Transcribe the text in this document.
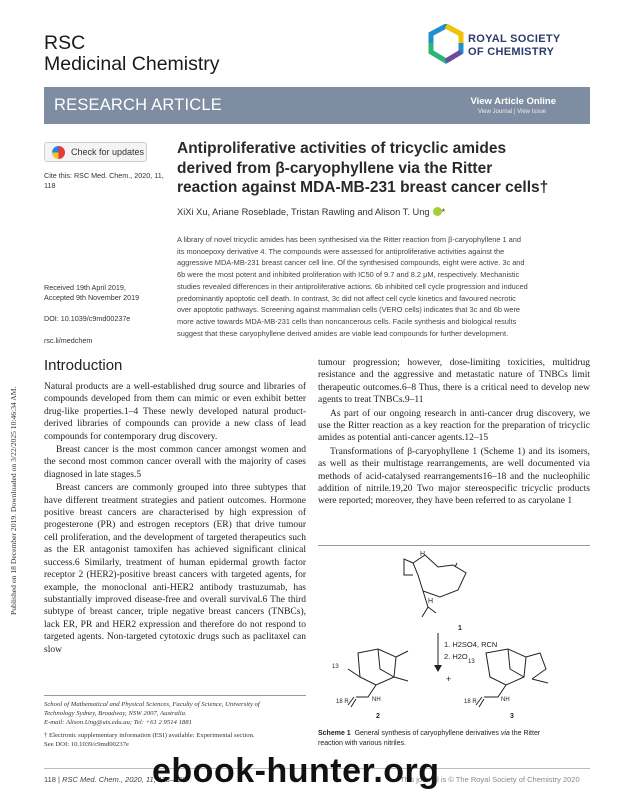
Published on 18 December 2019. Downloaded on 3/22/2025 10:46:34 AM.
RSC
Medicinal Chemistry
ROYAL SOCIETY
OF CHEMISTRY
RESEARCH ARTICLE	View Article Online
View Journal | View Issue
Check for updates
Cite this: RSC Med. Chem., 2020, 11,
118
Received 19th April 2019,
Accepted 9th November 2019
DOI: 10.1039/c9md00237e
rsc.li/medchem
Antiproliferative activities of tricyclic amides
derived from β-caryophyllene via the Ritter
reaction against MDA-MB-231 breast cancer cells†
XiXi Xu, Ariane Roseblade, Tristan Rawling and Alison T. Ung *
A library of novel tricyclic amides has been synthesised via the Ritter reaction from β-caryophyllene 1 and
its monoepoxy derivative 4. The compounds were assessed for antiproliferative activities against the
aggressive MDA-MB-231 breast cancer cell line. Of the synthesised compounds, eight were active. 3c and
6b were the most potent and inhibited proliferation with IC50 of 9.7 and 8.2 μM, respectively. Mechanistic
studies revealed differences in their antiproliferative actions. 6b inhibited cell cycle progression and induced
predominantly apoptotic cell death. In contrast, 3c did not affect cell cycle kinetics and favoured necrotic
over apoptotic pathways. Screening against mammalian cells (VERO cells) indicates that 3c and 6b were
more active towards MDA-MB-231 cells than noncancerous cells. Facile synthesis and biological results
suggest that these caryophyllene derived amides are viable lead compounds for further development.
Introduction

Natural products are a well-established drug source and libraries of compounds developed from them can mimic or even exhibit better drug-like properties.1–4 These newly developed natural product-derived libraries of compounds can provide a new class of lead compounds for contemporary drug discovery.

Breast cancer is the most common cancer amongst women and the second most common cancer overall with the majority of cases diagnosed in late stages.5

Breast cancers are commonly grouped into three subtypes that have different treatment strategies and patient outcomes. Hormone positive breast cancers are characterised by high expression of progesterone (PR) and estrogen receptors (ER) that drive tumour cell proliferation, and the development of targeted therapeutics such as the ER antagonist tamoxifen has achieved significant clinical success.6 Similarly, treatment of human epidermal growth factor receptor 2 (HER2)-positive breast cancers with targeted agents, for example, the monoclonal anti-HER2 antibody trastuzumab, has substantially improved disease-free and overall survival.6 The third subtype of breast cancer, triple negative breast cancers (TNBCs), lack ER, PR and HER2 expression and therefore do not respond to targeted agents. Non-targeted cytotoxic drugs such as paclitaxel can slow

tumour progression; however, dose-limiting toxicities, multidrug resistance and the aggressive and metastatic nature of TNBCs limit therapeutic outcomes.6–8 Thus, there is a critical need to develop new agents to treat TNBCs.9–11

As part of our ongoing research in anti-cancer drug discovery, we use the Ritter reaction as a key reaction for the preparation of tricyclic amides as potential anti-cancer agents.12–15

Transformations of β-caryophyllene 1 (Scheme 1) and its isomers, as well as their multistage rearrangements, are well documented via methods of acid-catalysed rearrangements16–18 and the nucleophilic addition of nitrile.19,20 Two major stereospecific tricyclic products were reported; moreover, they have been referred to as caryolane 1

School of Mathematical and Physical Sciences, Faculty of Science, University of
Technology Sydney, Broadway, NSW 2007, Australia.
E-mail: Alison.Ung@uts.edu.au; Tel: +61 2 9514 1881
† Electronic supplementary information (ESI) available: Experimental section.
See DOI: 10.1039/c9md00237e
H
H
1
1. H2SO4, RCN
2. H2O
13
18 R	NH
2
+
13
18 R	NH
3
Scheme 1 General synthesis of caryophyllene derivatives via the Ritter
reaction with various nitriles.
118 | RSC Med. Chem., 2020, 11, 118–129	This journal is © The Royal Society of Chemistry 2020
ebook-hunter.org
